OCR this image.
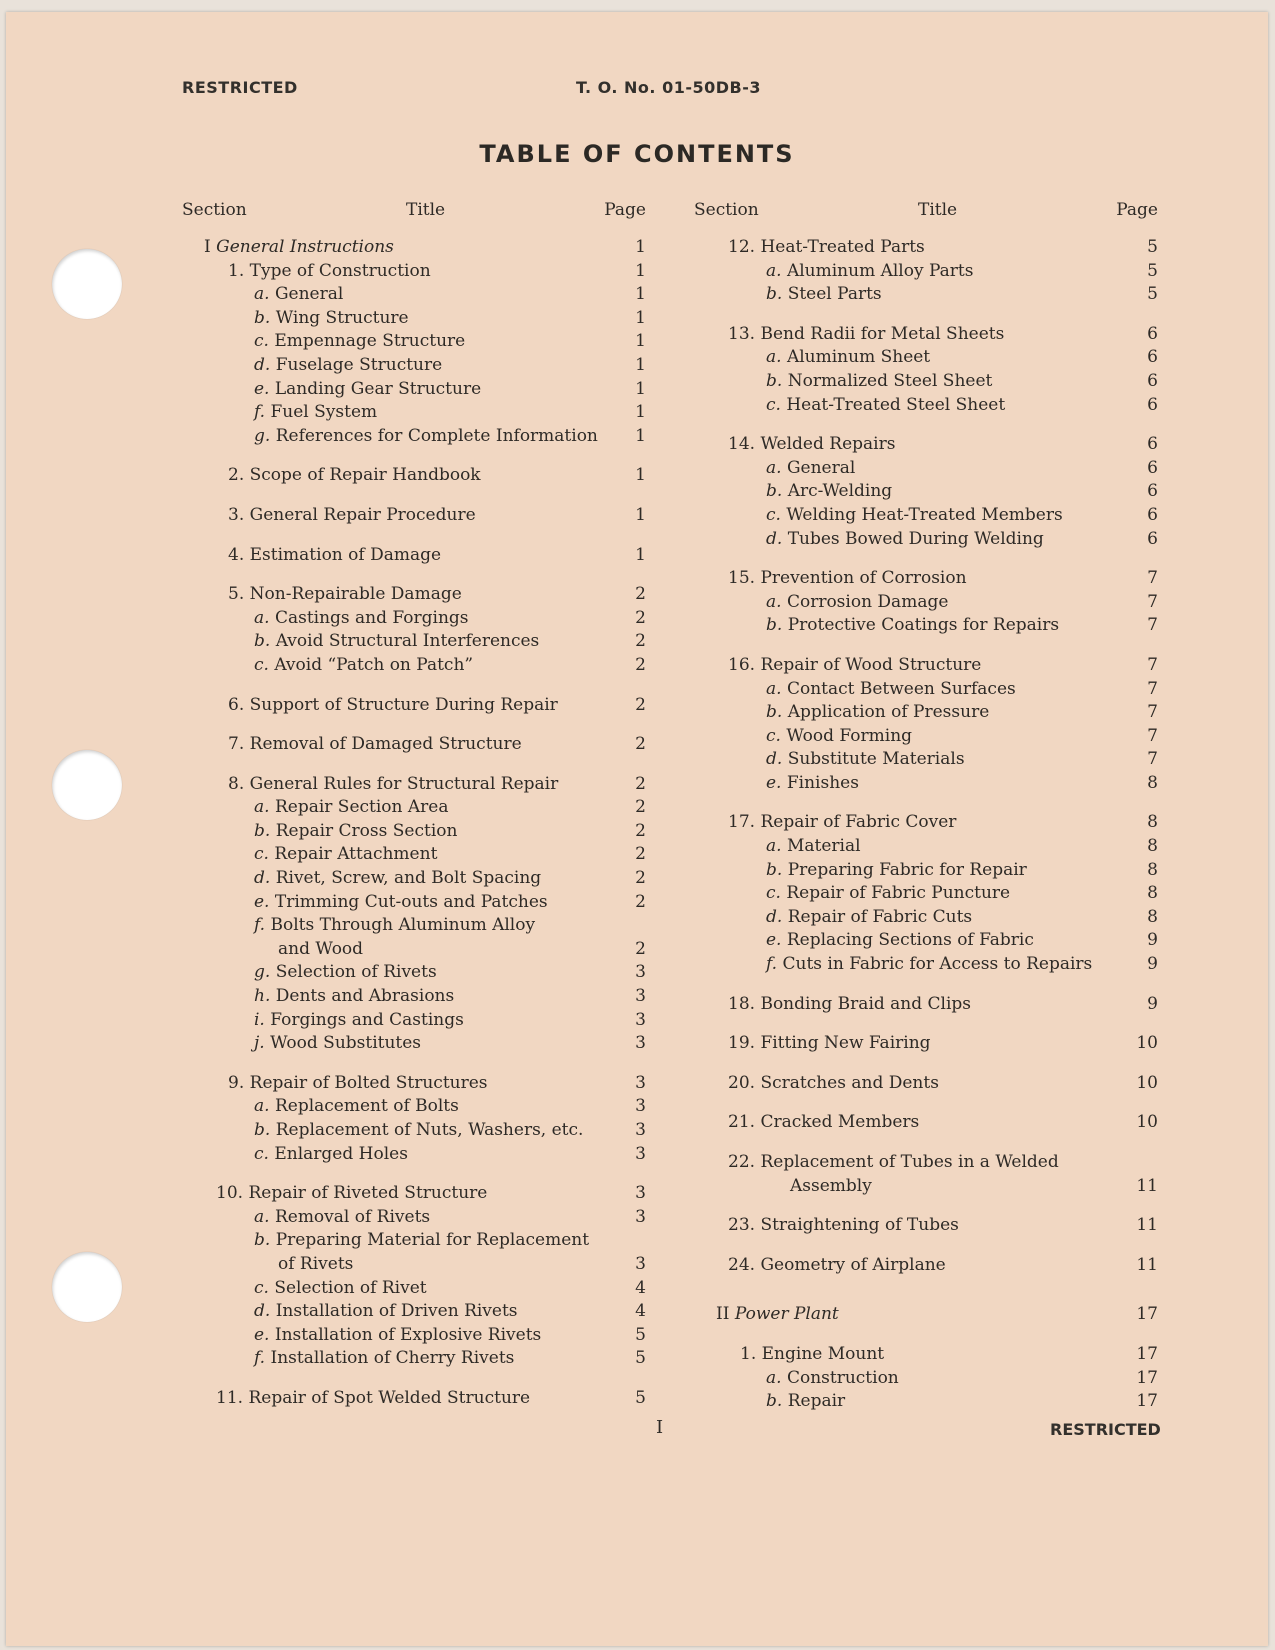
RESTRICTED	T. O. No. 01-50DB-3
TABLE OF CONTENTS
Section	Title	Page
I General Instructions	1
1. Type of Construction	1
a. General	1
b. Wing Structure	1
c. Empennage Structure	1
d. Fuselage Structure	1
e. Landing Gear Structure	1
f. Fuel System	1
g. References for Complete Information 1
2. Scope of Repair Handbook	1
3. General Repair Procedure	1
4. Estimation of Damage	1
5. Non-Repairable Damage	2
a. Castings and Forgings	2
b. Avoid Structural Interferences	2
c. Avoid “Patch on Patch”	2
6. Support of Structure During Repair	2
7. Removal of Damaged Structure	2
8. General Rules for Structural Repair	2
a. Repair Section Area	2
b. Repair Cross Section	2
c. Repair Attachment	2
d. Rivet, Screw, and Bolt Spacing	2
e. Trimming Cut-outs and Patches	2
f. Bolts Through Aluminum Alloy
and Wood	2
g. Selection of Rivets	3
h. Dents and Abrasions	3
i. Forgings and Castings	3
j. Wood Substitutes	3
9. Repair of Bolted Structures	3
a. Replacement of Bolts	3
b. Replacement of Nuts, Washers, etc.	3
c. Enlarged Holes	3
10. Repair of Riveted Structure	3
a. Removal of Rivets	3
b. Preparing Material for Replacement
of Rivets	3
c. Selection of Rivet	4
d. Installation of Driven Rivets	4
e. Installation of Explosive Rivets	5
f. Installation of Cherry Rivets	5
11. Repair of Spot Welded Structure	5
Section	Title	Page
12. Heat-Treated Parts	5
a. Aluminum Alloy Parts	5
b. Steel Parts	5
13. Bend Radii for Metal Sheets	6
a. Aluminum Sheet	6
b. Normalized Steel Sheet	6
c. Heat-Treated Steel Sheet	6
14. Welded Repairs	6
a. General	6
b. Arc-Welding	6
c. Welding Heat-Treated Members	6
d. Tubes Bowed During Welding	6
15. Prevention of Corrosion	7
a. Corrosion Damage	7
b. Protective Coatings for Repairs	7
16. Repair of Wood Structure	7
a. Contact Between Surfaces	7
b. Application of Pressure	7
c. Wood Forming	7
d. Substitute Materials	7
e. Finishes	8
17. Repair of Fabric Cover	8
a. Material	8
b. Preparing Fabric for Repair	8
c. Repair of Fabric Puncture	8
d. Repair of Fabric Cuts	8
e. Replacing Sections of Fabric	9
f. Cuts in Fabric for Access to Repairs	9
18. Bonding Braid and Clips	9
19. Fitting New Fairing	10
20. Scratches and Dents	10
21. Cracked Members	10
22. Replacement of Tubes in a Welded
Assembly	11
23. Straightening of Tubes	11
24. Geometry of Airplane	11
II Power Plant	17
1. Engine Mount	17
a. Construction	17
b. Repair	17
I	RESTRICTED
